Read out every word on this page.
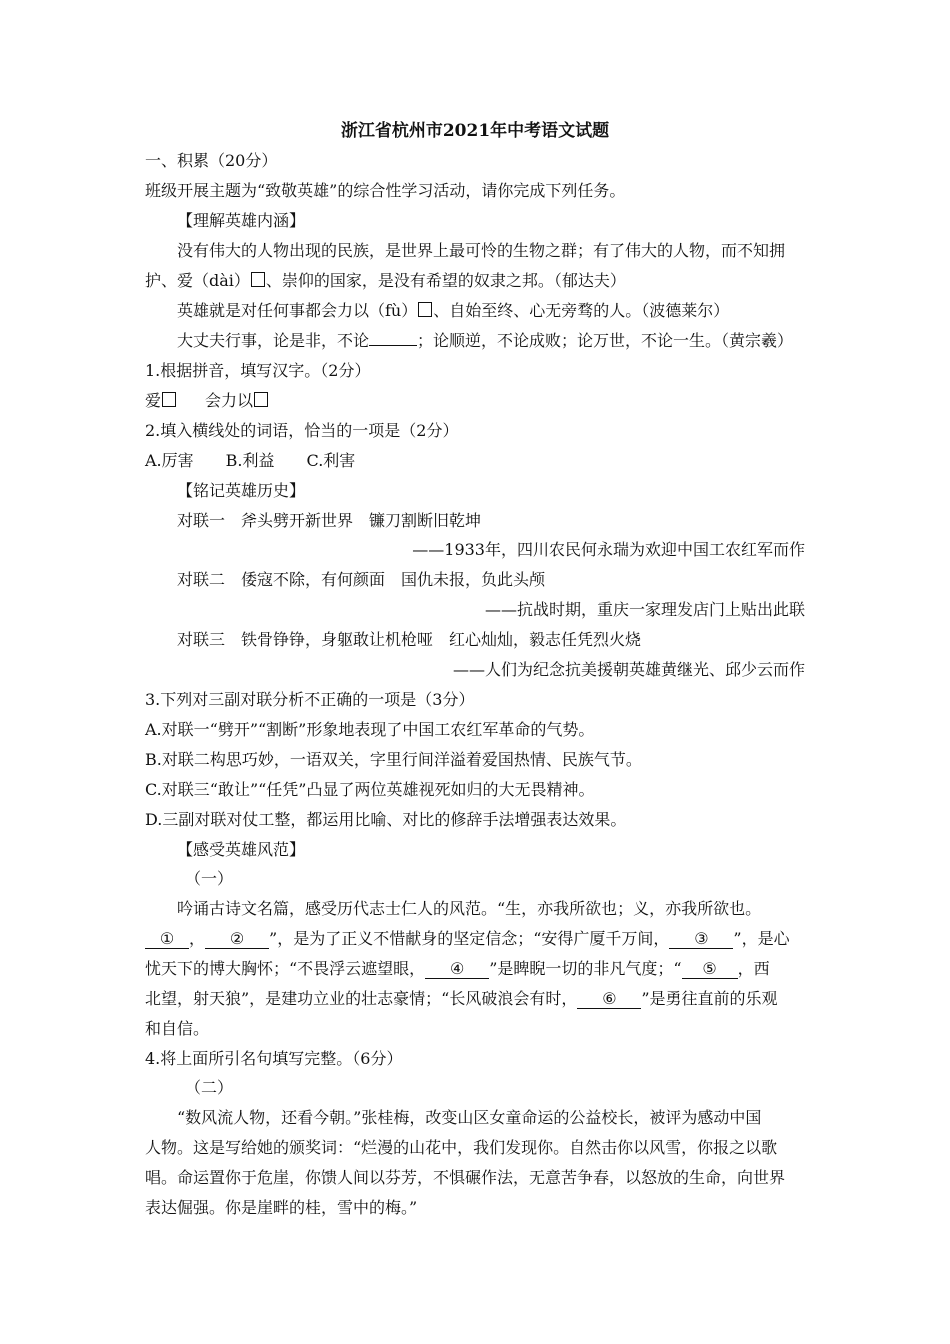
浙江省杭州市2021年中考语文试题
一、积累（20分）
班级开展主题为“致敬英雄”的综合性学习活动，请你完成下列任务。
【理解英雄内涵】
没有伟大的人物出现的民族，是世界上最可怜的生物之群；有了伟大的人物，而不知拥
护、爱（dài） 、崇仰的国家，是没有希望的奴隶之邦。（郁达夫）
英雄就是对任何事都会力以（fù） 、自始至终、心无旁骛的人。（波德莱尔）
大丈夫行事，论是非，不论	；论顺逆，不论成败；论万世，不论一生。（黄宗羲）
1.根据拼音，填写汉字。（2分）
爱	会力以
2.填入横线处的词语，恰当的一项是（2分）
A.厉害 B.利益 C.利害
【铭记英雄历史】
对联一　斧头劈开新世界　镰刀割断旧乾坤
——1933年，四川农民何永瑞为欢迎中国工农红军而作
对联二　倭寇不除，有何颜面　国仇未报，负此头颅
——抗战时期，重庆一家理发店门上贴出此联
对联三　铁骨铮铮，身躯敢让机枪哑　红心灿灿，毅志任凭烈火烧
——人们为纪念抗美援朝英雄黄继光、邱少云而作
3.下列对三副对联分析不正确的一项是（3分）
A.对联一“劈开”“割断”形象地表现了中国工农红军革命的气势。
B.对联二构思巧妙，一语双关，字里行间洋溢着爱国热情、民族气节。
C.对联三“敢让”“任凭”凸显了两位英雄视死如归的大无畏精神。
D.三副对联对仗工整，都运用比喻、对比的修辞手法增强表达效果。
【感受英雄风范】
（一）
吟诵古诗文名篇，感受历代志士仁人的风范。“生，亦我所欲也；义，亦我所欲也。
① ， ② ”，是为了正义不惜献身的坚定信念；“安得广厦千万间， ③ ”，是心
忧天下的博大胸怀；“不畏浮云遮望眼， ④ ”是睥睨一切的非凡气度；“ ⑤ ，西
北望，射天狼”，是建功立业的壮志豪情；“长风破浪会有时， ⑥ ”是勇往直前的乐观
和自信。
4.将上面所引名句填写完整。（6分）
（二）
“数风流人物，还看今朝。”张桂梅，改变山区女童命运的公益校长，被评为感动中国
人物。这是写给她的颁奖词：“烂漫的山花中，我们发现你。自然击你以风雪，你报之以歌
唱。命运置你于危崖，你馈人间以芬芳，不惧碾作法，无意苦争春，以怒放的生命，向世界
表达倔强。你是崖畔的桂，雪中的梅。”
